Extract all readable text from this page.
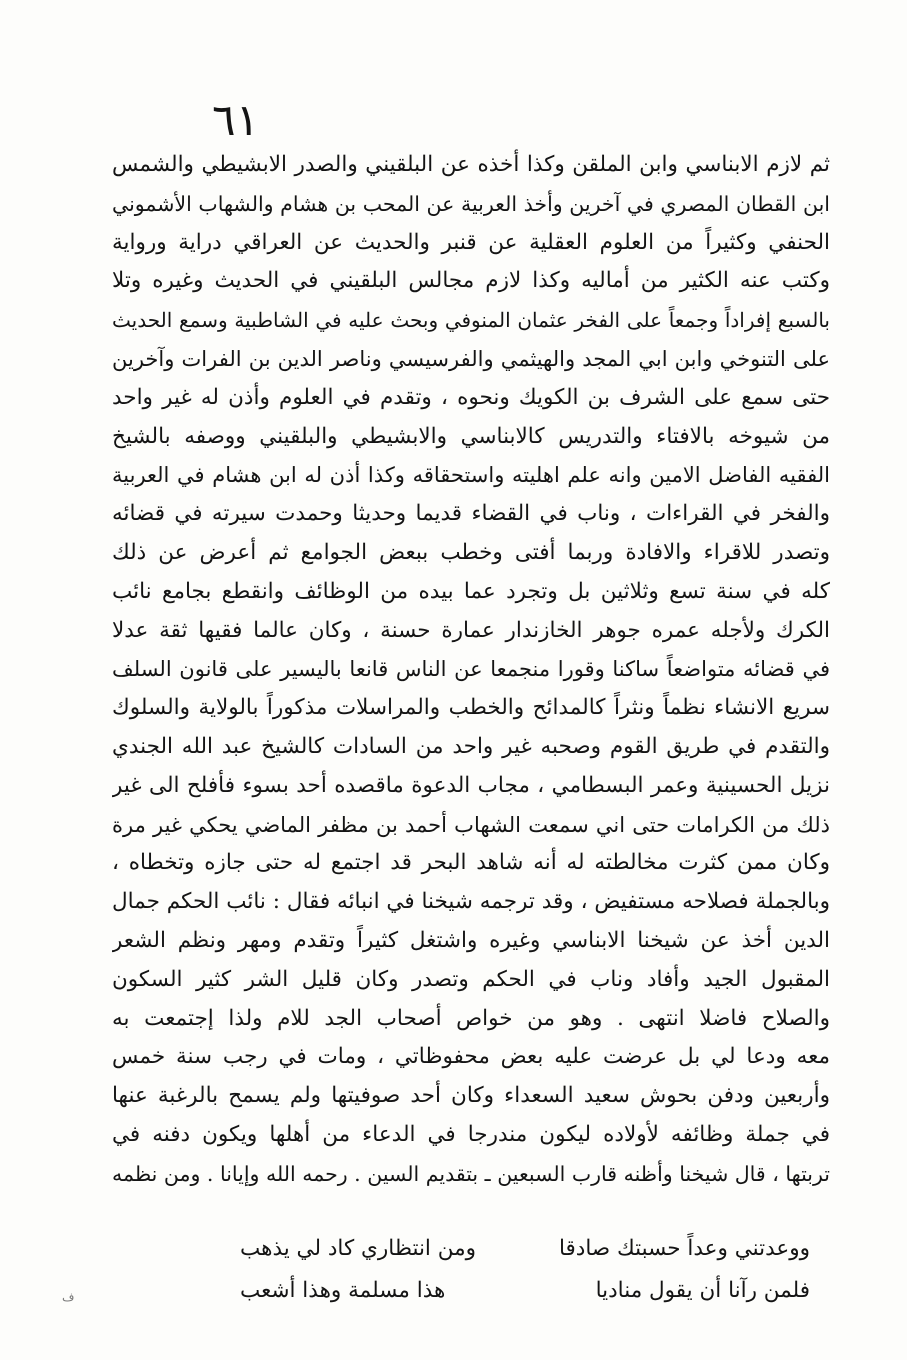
٦١
ثم لازم الابناسي وابن الملقن وكذا أخذه عن البلقيني والصدر الابشيطي والشمس
ابن القطان المصري في آخرين وأخذ العربية عن المحب بن هشام والشهاب الأشموني
الحنفي وكثيراً من العلوم العقلية عن قنبر والحديث عن العراقي دراية ورواية
وكتب عنه الكثير من أماليه وكذا لازم مجالس البلقيني في الحديث وغيره وتلا
بالسبع إفراداً وجمعاً على الفخر عثمان المنوفي وبحث عليه في الشاطبية وسمع الحديث
على التنوخي وابن ابي المجد والهيثمي والفرسيسي وناصر الدين بن الفرات وآخرين
حتى سمع على الشرف بن الكويك ونحوه ، وتقدم في العلوم وأذن له غير واحد
من شيوخه بالافتاء والتدريس كالابناسي والابشيطي والبلقيني ووصفه بالشيخ
الفقيه الفاضل الامين وانه علم اهليته واستحقاقه وكذا أذن له ابن هشام في العربية
والفخر في القراءات ، وناب في القضاء قديما وحديثا وحمدت سيرته في قضائه
وتصدر للاقراء والافادة وربما أفتى وخطب ببعض الجوامع ثم أعرض عن ذلك
كله في سنة تسع وثلاثين بل وتجرد عما بيده من الوظائف وانقطع بجامع نائب
الكرك ولأجله عمره جوهر الخازندار عمارة حسنة ، وكان عالما فقيها ثقة عدلا
في قضائه متواضعاً ساكنا وقورا منجمعا عن الناس قانعا باليسير على قانون السلف
سريع الانشاء نظماً ونثراً كالمدائح والخطب والمراسلات مذكوراً بالولاية والسلوك
والتقدم في طريق القوم وصحبه غير واحد من السادات كالشيخ عبد الله الجندي
نزيل الحسينية وعمر البسطامي ، مجاب الدعوة ماقصده أحد بسوء فأفلح الى غير
ذلك من الكرامات حتى اني سمعت الشهاب أحمد بن مظفر الماضي يحكي غير مرة
وكان ممن كثرت مخالطته له أنه شاهد البحر قد اجتمع له حتى جازه وتخطاه ،
وبالجملة فصلاحه مستفيض ، وقد ترجمه شيخنا في انبائه فقال : نائب الحكم جمال
الدين أخذ عن شيخنا الابناسي وغيره واشتغل كثيراً وتقدم ومهر ونظم الشعر
المقبول الجيد وأفاد وناب في الحكم وتصدر وكان قليل الشر كثير السكون
والصلاح فاضلا انتهى . وهو من خواص أصحاب الجد للام ولذا إجتمعت به
معه ودعا لي بل عرضت عليه بعض محفوظاتي ، ومات في رجب سنة خمس
وأربعين ودفن بحوش سعيد السعداء وكان أحد صوفيتها ولم يسمح بالرغبة عنها
في جملة وظائفه لأولاده ليكون مندرجا في الدعاء من أهلها ويكون دفنه في
تربتها ، قال شيخنا وأظنه قارب السبعين ـ بتقديم السين . رحمه الله وإيانا . ومن نظمه
ووعدتني وعداً حسبتك صادقا
ومن انتظاري كاد لي يذهب
فلمن رآنا أن يقول مناديا
هذا مسلمة وهذا أشعب
ف
